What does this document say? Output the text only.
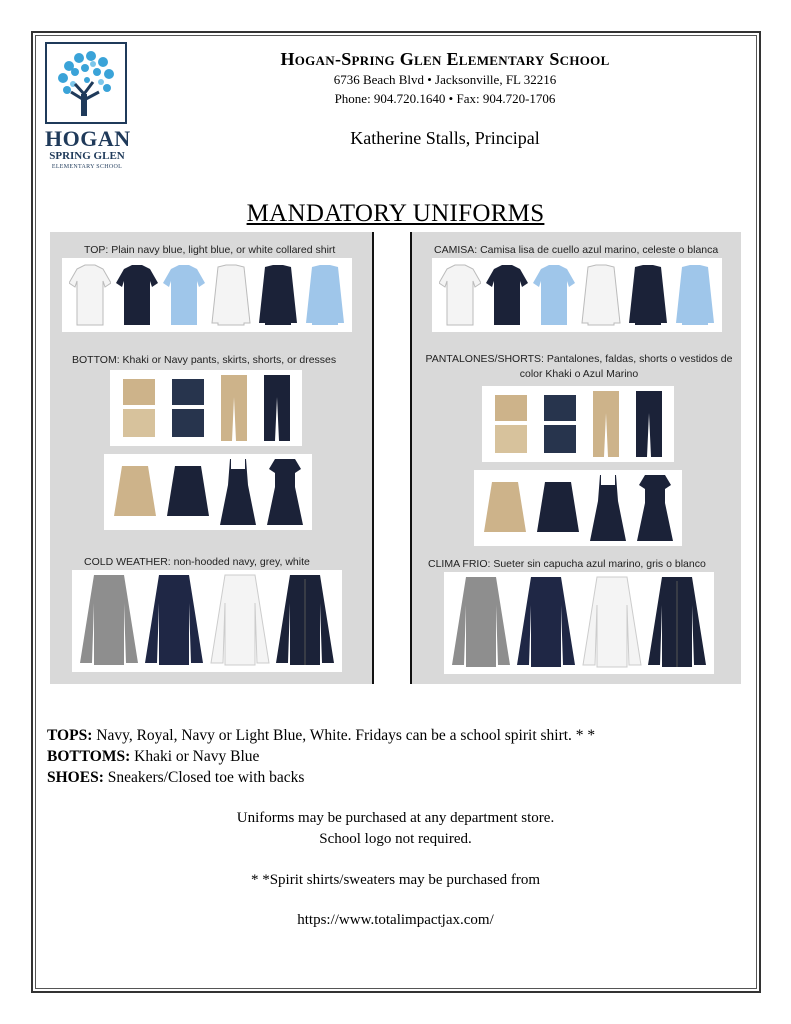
HOGAN
SPRING GLEN
ELEMENTARY SCHOOL
Hogan-Spring Glen Elementary School
6736 Beach Blvd • Jacksonville, FL 32216
Phone: 904.720.1640 • Fax: 904.720-1706
Katherine Stalls, Principal
MANDATORY UNIFORMS
TOP: Plain navy blue, light blue, or white collared shirt
BOTTOM: Khaki or Navy pants, skirts, shorts, or dresses
COLD WEATHER: non-hooded navy, grey, white
CAMISA: Camisa lisa de cuello azul marino, celeste o blanca
PANTALONES/SHORTS: Pantalones, faldas, shorts o vestidos de color Khaki o Azul Marino
CLIMA FRIO: Sueter sin capucha azul marino, gris o blanco
TOPS: Navy, Royal, Navy or Light Blue, White. Fridays can be a school spirit shirt. * *
BOTTOMS: Khaki or Navy Blue
SHOES: Sneakers/Closed toe with backs
Uniforms may be purchased at any department store.
School logo not required.
* *Spirit shirts/sweaters may be purchased from
https://www.totalimpactjax.com/
